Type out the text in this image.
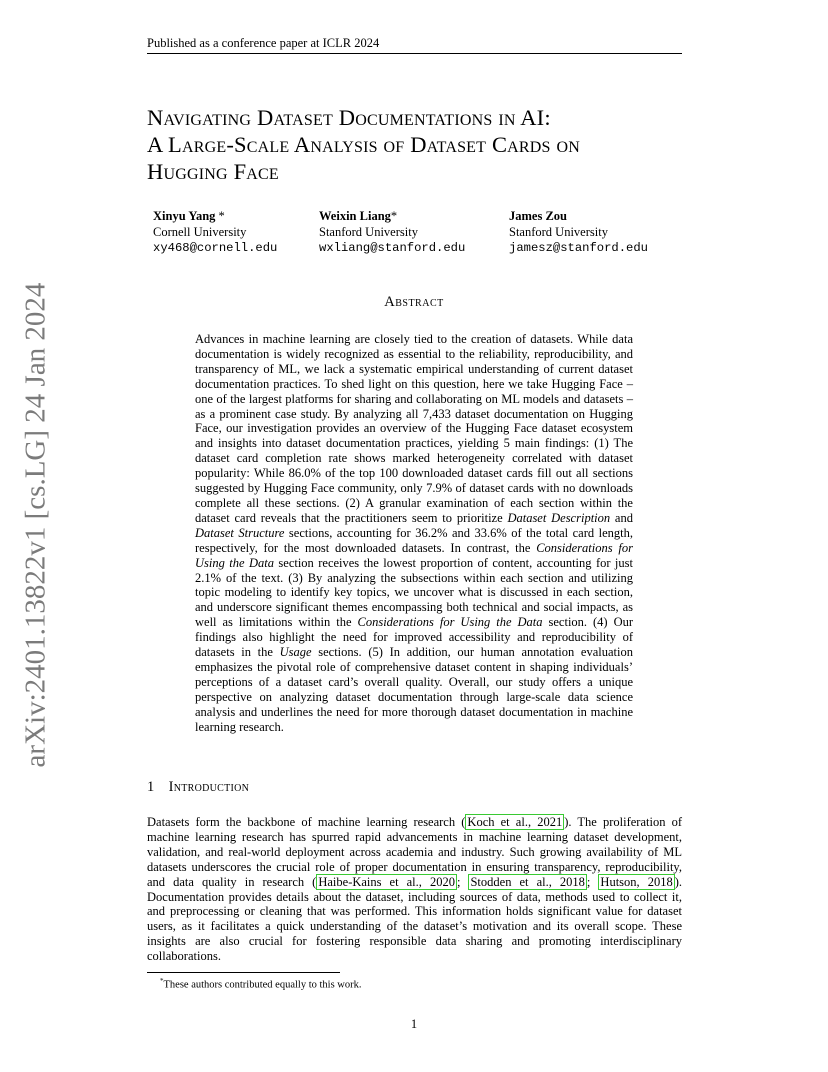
Published as a conference paper at ICLR 2024
arXiv:2401.13822v1 [cs.LG] 24 Jan 2024
Navigating Dataset Documentations in AI:
A Large-Scale Analysis of Dataset Cards on
Hugging Face
Xinyu Yang *
Cornell University
xy468@cornell.edu
Weixin Liang*
Stanford University
wxliang@stanford.edu
James Zou
Stanford University
jamesz@stanford.edu
Abstract
Advances in machine learning are closely tied to the creation of datasets. While data documentation is widely recognized as essential to the reliability, reproducibility, and transparency of ML, we lack a systematic empirical understanding of current dataset documentation practices. To shed light on this question, here we take Hugging Face – one of the largest platforms for sharing and collaborating on ML models and datasets – as a prominent case study. By analyzing all 7,433 dataset documentation on Hugging Face, our investigation provides an overview of the Hugging Face dataset ecosystem and insights into dataset documentation practices, yielding 5 main findings: (1) The dataset card completion rate shows marked heterogeneity correlated with dataset popularity: While 86.0% of the top 100 downloaded dataset cards fill out all sections suggested by Hugging Face community, only 7.9% of dataset cards with no downloads complete all these sections. (2) A granular examination of each section within the dataset card reveals that the practitioners seem to prioritize Dataset Description and Dataset Structure sections, accounting for 36.2% and 33.6% of the total card length, respectively, for the most downloaded datasets. In contrast, the Considerations for Using the Data section receives the lowest proportion of content, accounting for just 2.1% of the text. (3) By analyzing the subsections within each section and utilizing topic modeling to identify key topics, we uncover what is discussed in each section, and underscore significant themes encompassing both technical and social impacts, as well as limitations within the Considerations for Using the Data section. (4) Our findings also highlight the need for improved accessibility and reproducibility of datasets in the Usage sections. (5) In addition, our human annotation evaluation emphasizes the pivotal role of comprehensive dataset content in shaping individuals’ perceptions of a dataset card’s overall quality. Overall, our study offers a unique perspective on analyzing dataset documentation through large-scale data science analysis and underlines the need for more thorough dataset documentation in machine learning research.
1 Introduction
Datasets form the backbone of machine learning research ( Koch et al., 2021 ). The proliferation of machine learning research has spurred rapid advancements in machine learning dataset development, validation, and real-world deployment across academia and industry. Such growing availability of ML datasets underscores the crucial role of proper documentation in ensuring transparency, reproducibility, and data quality in research ( Haibe-Kains et al., 2020 ; Stodden et al., 2018 ; Hutson, 2018 ). Documentation provides details about the dataset, including sources of data, methods used to collect it, and preprocessing or cleaning that was performed. This information holds significant value for dataset users, as it facilitates a quick understanding of the dataset’s motivation and its overall scope. These insights are also crucial for fostering responsible data sharing and promoting interdisciplinary collaborations.
*These authors contributed equally to this work.
1
